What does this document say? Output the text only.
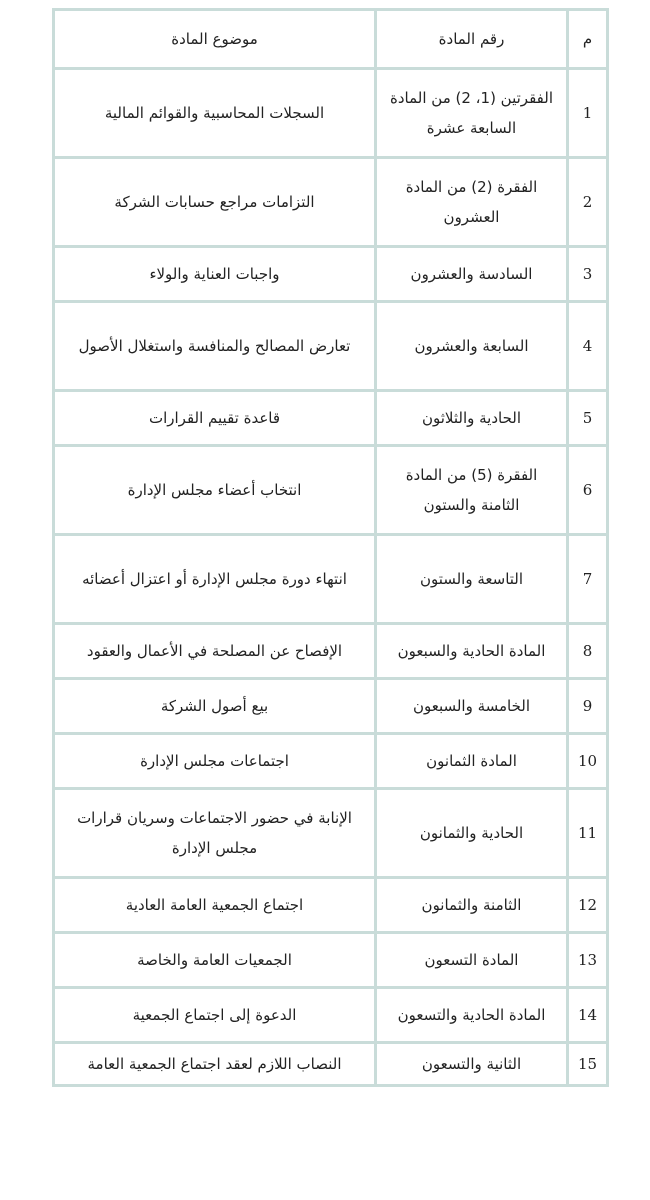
م	رقم المادة	موضوع المادة
1	الفقرتين (1، 2) من المادة السابعة عشرة	السجلات المحاسبية والقوائم المالية
2	الفقرة (2) من المادة العشرون	التزامات مراجع حسابات الشركة
3	السادسة والعشرون	واجبات العناية والولاء
4	السابعة والعشرون	تعارض المصالح والمنافسة واستغلال الأصول
5	الحادية والثلاثون	قاعدة تقييم القرارات
6	الفقرة (5) من المادة الثامنة والستون	انتخاب أعضاء مجلس الإدارة
7	التاسعة والستون	انتهاء دورة مجلس الإدارة أو اعتزال أعضائه
8	المادة الحادية والسبعون	الإفصاح عن المصلحة في الأعمال والعقود
9	الخامسة والسبعون	بيع أصول الشركة
10	المادة الثمانون	اجتماعات مجلس الإدارة
11	الحادية والثمانون	الإنابة في حضور الاجتماعات وسريان قرارات مجلس الإدارة
12	الثامنة والثمانون	اجتماع الجمعية العامة العادية
13	المادة التسعون	الجمعيات العامة والخاصة
14	المادة الحادية والتسعون	الدعوة إلى اجتماع الجمعية
15	الثانية والتسعون	النصاب اللازم لعقد اجتماع الجمعية العامة
